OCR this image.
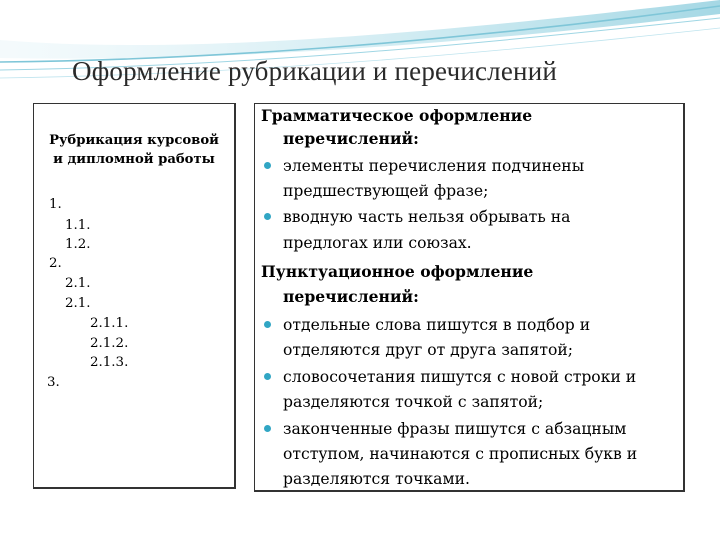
Оформление рубрикации и перечислений
Рубрикация курсовой
и дипломной работы
1.
1.1.
1.2.
2.
2.1.
2.1.
2.1.1.
2.1.2.
2.1.3.
3.
Грамматическое оформление
перечислений:
элементы перечисления подчинены
предшествующей фразе;
вводную часть нельзя обрывать на
предлогах или союзах.
Пунктуационное оформление
перечислений:
отдельные слова пишутся в подбор и
отделяются друг от друга запятой;
словосочетания пишутся с новой строки и
разделяются точкой с запятой;
законченные фразы пишутся с абзацным
отступом, начинаются с прописных букв и
разделяются точками.
